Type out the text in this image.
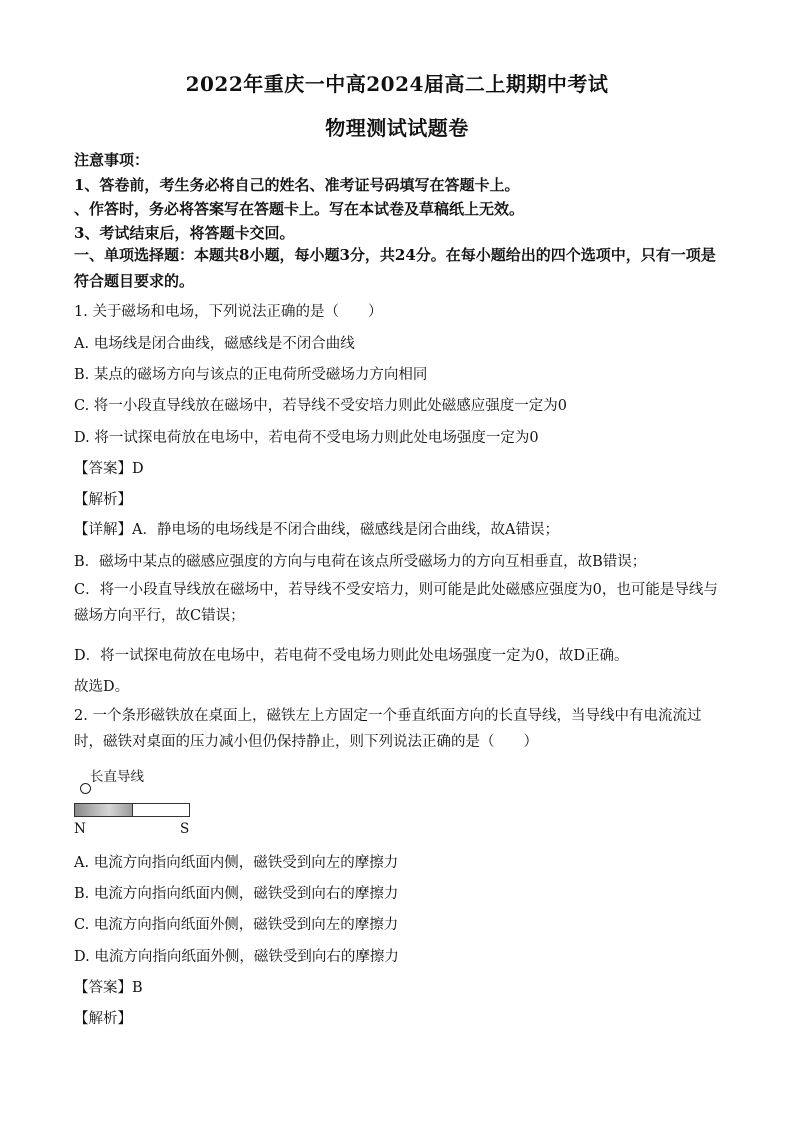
2022年重庆一中高2024届高二上期期中考试
物理测试试题卷
注意事项：
1、答卷前，考生务必将自己的姓名、准考证号码填写在答题卡上。
、作答时，务必将答案写在答题卡上。写在本试卷及草稿纸上无效。
3、考试结束后，将答题卡交回。
一、单项选择题：本题共8小题，每小题3分，共24分。在每小题给出的四个选项中，只有一项是符合题目要求的。
1. 关于磁场和电场，下列说法正确的是（　　）
A. 电场线是闭合曲线，磁感线是不闭合曲线
B. 某点的磁场方向与该点的正电荷所受磁场力方向相同
C. 将一小段直导线放在磁场中，若导线不受安培力则此处磁感应强度一定为0
D. 将一试探电荷放在电场中，若电荷不受电场力则此处电场强度一定为0
【答案】D
【解析】
【详解】A．静电场的电场线是不闭合曲线，磁感线是闭合曲线，故A错误；
B．磁场中某点的磁感应强度的方向与电荷在该点所受磁场力的方向互相垂直，故B错误；
C．将一小段直导线放在磁场中，若导线不受安培力，则可能是此处磁感应强度为0，也可能是导线与磁场方向平行，故C错误；
D．将一试探电荷放在电场中，若电荷不受电场力则此处电场强度一定为0，故D正确。
故选D。
2. 一个条形磁铁放在桌面上，磁铁左上方固定一个垂直纸面方向的长直导线，当导线中有电流流过时，磁铁对桌面的压力减小但仍保持静止，则下列说法正确的是（　　）
长直导线
N	S
A. 电流方向指向纸面内侧，磁铁受到向左的摩擦力
B. 电流方向指向纸面内侧，磁铁受到向右的摩擦力
C. 电流方向指向纸面外侧，磁铁受到向左的摩擦力
D. 电流方向指向纸面外侧，磁铁受到向右的摩擦力
【答案】B
【解析】
